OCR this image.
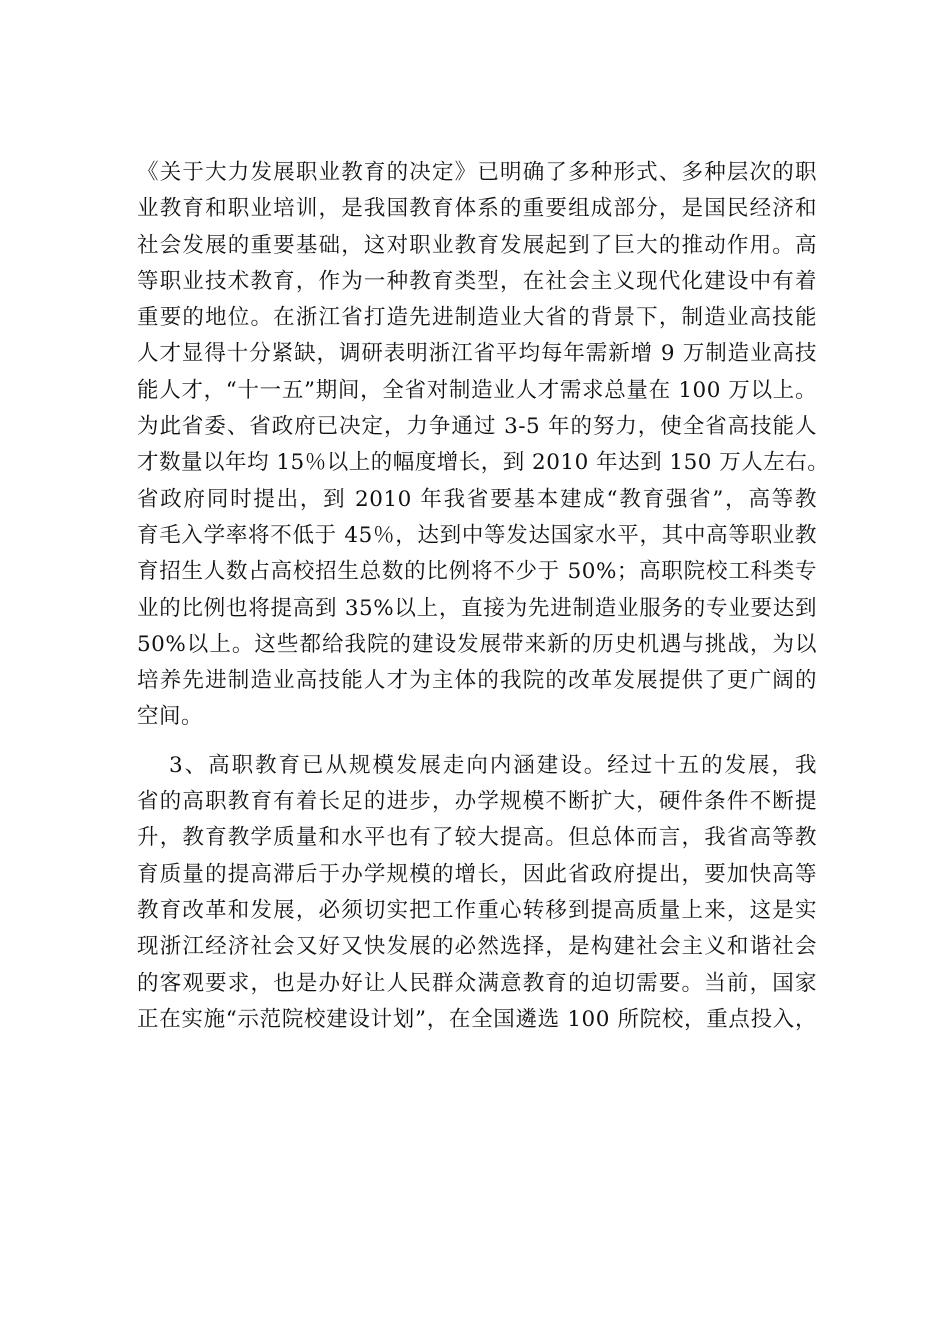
《关于大力发展职业教育的决定》已明确了多种形式、多种层次的职
业教育和职业培训，是我国教育体系的重要组成部分，是国民经济和
社会发展的重要基础，这对职业教育发展起到了巨大的推动作用。高
等职业技术教育，作为一种教育类型，在社会主义现代化建设中有着
重要的地位。在浙江省打造先进制造业大省的背景下，制造业高技能
人才显得十分紧缺，调研表明浙江省平均每年需新增 9 万制造业高技
能人才，“十一五”期间，全省对制造业人才需求总量在 100 万以上。
为此省委、省政府已决定，力争通过 3-5 年的努力，使全省高技能人
才数量以年均 15％以上的幅度增长，到 2010 年达到 150 万人左右。
省政府同时提出，到 2010 年我省要基本建成“教育强省”，高等教
育毛入学率将不低于 45％，达到中等发达国家水平，其中高等职业教
育招生人数占高校招生总数的比例将不少于 50%；高职院校工科类专
业的比例也将提高到 35%以上，直接为先进制造业服务的专业要达到
50%以上。这些都给我院的建设发展带来新的历史机遇与挑战，为以
培养先进制造业高技能人才为主体的我院的改革发展提供了更广阔的
空间。
3、高职教育已从规模发展走向内涵建设。经过十五的发展，我
省的高职教育有着长足的进步，办学规模不断扩大，硬件条件不断提
升，教育教学质量和水平也有了较大提高。但总体而言，我省高等教
育质量的提高滞后于办学规模的增长，因此省政府提出，要加快高等
教育改革和发展，必须切实把工作重心转移到提高质量上来，这是实
现浙江经济社会又好又快发展的必然选择，是构建社会主义和谐社会
的客观要求，也是办好让人民群众满意教育的迫切需要。当前，国家
正在实施“示范院校建设计划”，在全国遴选 100 所院校，重点投入，
